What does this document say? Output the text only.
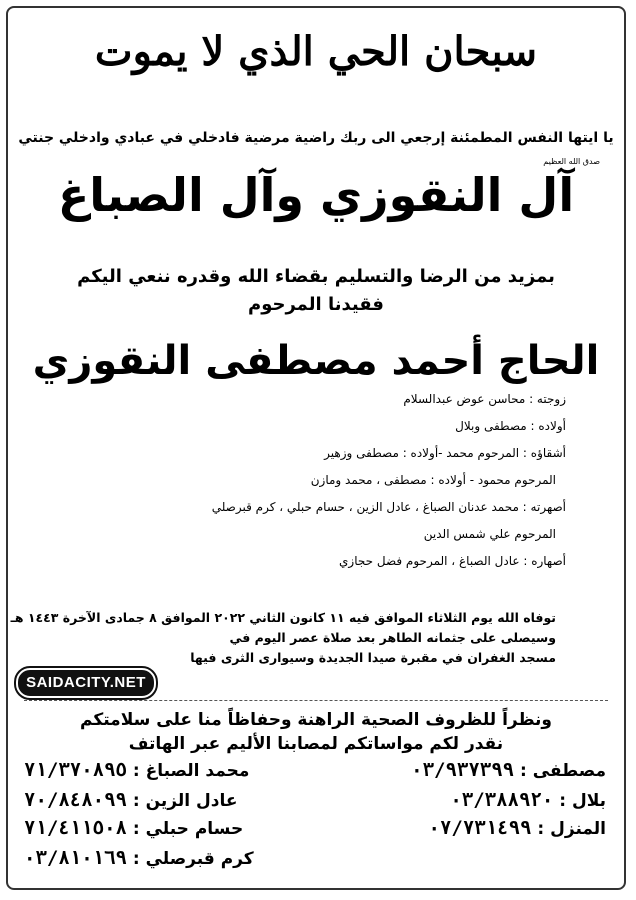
سبحان الحي الذي لا يموت
يا ايتها النفس المطمئنة إرجعي الى ربك راضية مرضية فادخلي في عبادي وادخلي جنتي
صدق الله العظيم
آل النقوزي وآل الصباغ
بمزيد من الرضا والتسليم بقضاء الله وقدره ننعي اليكم
فقيدنا المرحوم
الحاج أحمد مصطفى النقوزي
زوجته : محاسن عوض عبدالسلام
أولاده : مصطفى وبلال
أشقاؤه : المرحوم محمد -أولاده : مصطفى وزهير
المرحوم محمود - أولاده : مصطفى ، محمد ومازن
أصهرته : محمد عدنان الصباغ ، عادل الزين ، حسام حبلي ، كرم قبرصلي
المرحوم علي شمس الدين
أصهاره : عادل الصباغ ، المرحوم فضل حجازي
توفاه الله يوم الثلاثاء الموافق فيه ١١ كانون الثاني ٢٠٢٢ الموافق ٨ جمادى الآخرة ١٤٤٣ هـ
وسيصلى على جثمانه الطاهر بعد صلاة عصر اليوم في
مسجد الغفران في مقبرة صيدا الجديدة وسيوارى الثرى فيها
SAIDACITY.NET
ونظراً للظروف الصحية الراهنة وحفاظاً منا على سلامتكم
نقدر لكم مواساتكم لمصابنا الأليم عبر الهاتف
مصطفى : ٠٣/٩٣٧٣٩٩
بلال : ٠٣/٣٨٨٩٢٠
المنزل : ٠٧/٧٣١٤٩٩
محمد الصباغ : ٧١/٣٧٠٨٩٥
عادل الزين : ٧٠/٨٤٨٠٩٩
حسام حبلي : ٧١/٤١١٥٠٨
كرم قبرصلي : ٠٣/٨١٠١٦٩
